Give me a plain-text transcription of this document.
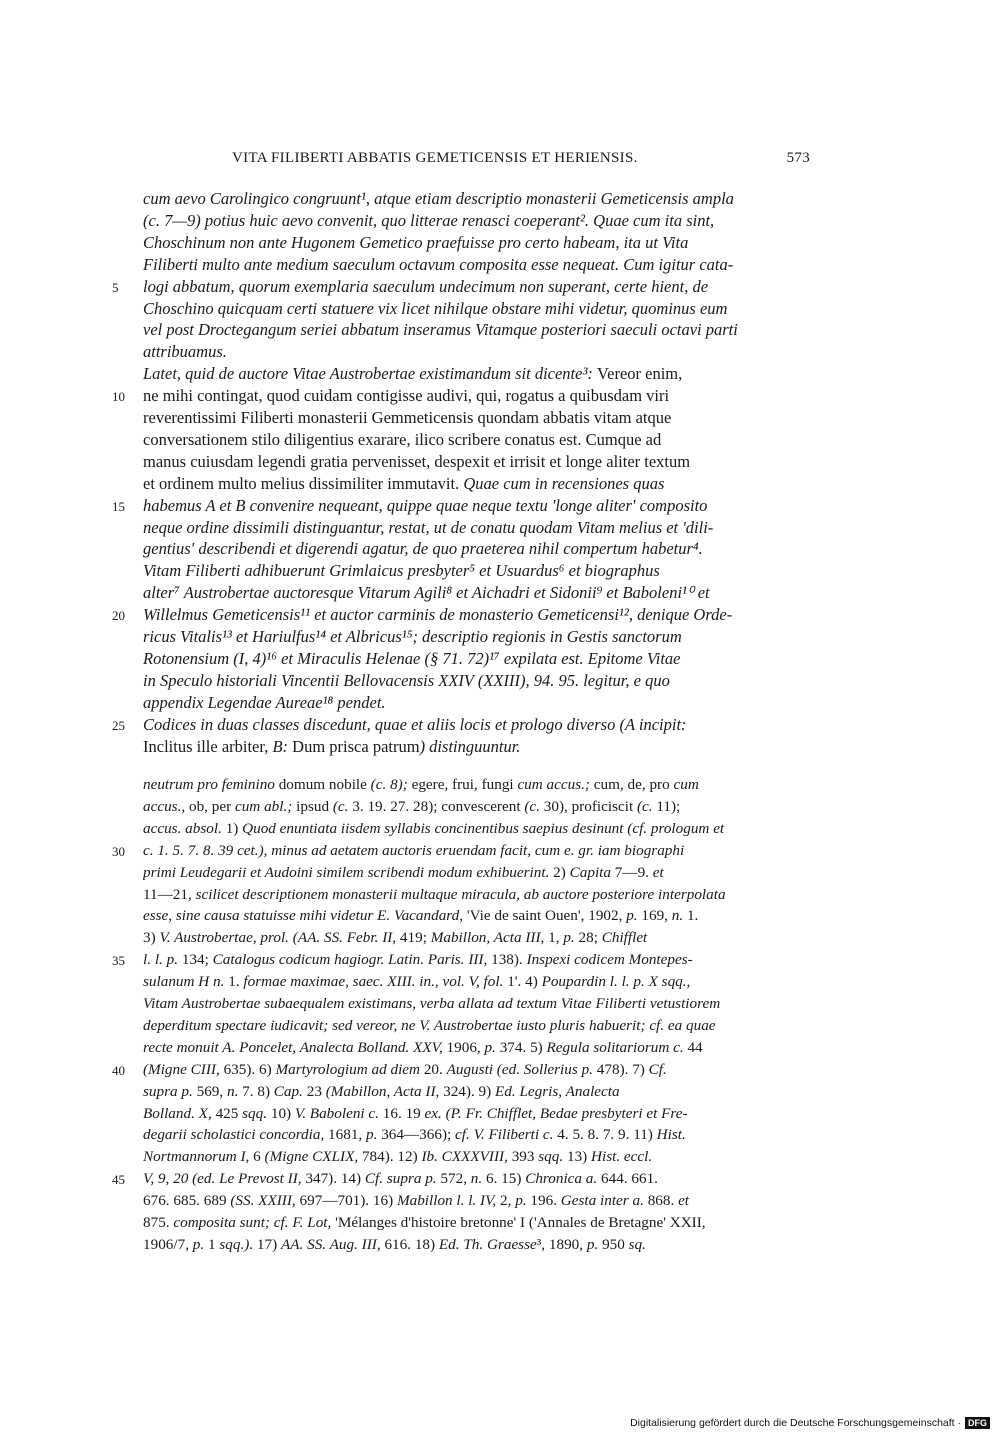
VITA FILIBERTI ABBATIS GEMETICENSIS ET HERIENSIS.	573
cum aevo Carolingico congruunt¹, atque etiam descriptio monasterii Gemeticensis ampla
(c. 7—9) potius huic aevo convenit, quo litterae renasci coeperant². Quae cum ita sint,
Choschinum non ante Hugonem Gemetico praefuisse pro certo habeam, ita ut Vita
Filiberti multo ante medium saeculum octavum composita esse nequeat. Cum igitur cata-
logi abbatum, quorum exemplaria saeculum undecimum non superant, certe hient, de
Choschino quicquam certi statuere vix licet nihilque obstare mihi videtur, quominus eum
vel post Droctegangum seriei abbatum inseramus Vitamque posteriori saeculi octavi parti
attribuamus.
Latet, quid de auctore Vitae Austrobertae existimandum sit dicente³: Vereor enim,
ne mihi contingat, quod cuidam contigisse audivi, qui, rogatus a quibusdam viri
reverentissimi Filiberti monasterii Gemmeticensis quondam abbatis vitam atque
conversationem stilo diligentius exarare, ilico scribere conatus est. Cumque ad
manus cuiusdam legendi gratia pervenisset, despexit et irrisit et longe aliter textum
et ordinem multo melius dissimiliter immutavit. Quae cum in recensiones quas
habemus A et B convenire nequeant, quippe quae neque textu 'longe aliter' composito
neque ordine dissimili distinguantur, restat, ut de conatu quodam Vitam melius et 'dili-
gentius' describendi et digerendi agatur, de quo praeterea nihil compertum habetur⁴.
Vitam Filiberti adhibuerunt Grimlaicus presbyter⁵ et Usuardus⁶ et biographus
alter⁷ Austrobertae auctoresque Vitarum Agili⁸ et Aichadri et Sidonii⁹ et Baboleni¹⁰ et
Willelmus Gemeticensis¹¹ et auctor carminis de monasterio Gemeticensi¹², denique Orde-
ricus Vitalis¹³ et Hariulfus¹⁴ et Albricus¹⁵; descriptio regionis in Gestis sanctorum
Rotonensium (I, 4)¹⁶ et Miraculis Helenae (§ 71. 72)¹⁷ expilata est. Epitome Vitae
in Speculo historiali Vincentii Bellovacensis XXIV (XXIII), 94. 95. legitur, e quo
appendix Legendae Aureae¹⁸ pendet.
Codices in duas classes discedunt, quae et aliis locis et prologo diverso (A incipit:
Inclitus ille arbiter, B: Dum prisca patrum) distinguuntur.
5
10
15
20
25
neutrum pro feminino domum nobile (c. 8); egere, frui, fungi cum accus.; cum, de, pro cum
accus., ob, per cum abl.; ipsud (c. 3. 19. 27. 28); convescerent (c. 30), proficiscit (c. 11);
accus. absol. 1) Quod enuntiata iisdem syllabis concinentibus saepius desinunt (cf. prologum et
c. 1. 5. 7. 8. 39 cet.), minus ad aetatem auctoris eruendam facit, cum e. gr. iam biographi
primi Leudegarii et Audoini similem scribendi modum exhibuerint. 2) Capita 7—9. et
11—21, scilicet descriptionem monasterii multaque miracula, ab auctore posteriore interpolata
esse, sine causa statuisse mihi videtur E. Vacandard, 'Vie de saint Ouen', 1902, p. 169, n. 1.
3) V. Austrobertae, prol. (AA. SS. Febr. II, 419; Mabillon, Acta III, 1, p. 28; Chifflet
l. l. p. 134; Catalogus codicum hagiogr. Latin. Paris. III, 138). Inspexi codicem Montepes-
sulanum H n. 1. formae maximae, saec. XIII. in., vol. V, fol. 1'. 4) Poupardin l. l. p. X sqq.,
Vitam Austrobertae subaequalem existimans, verba allata ad textum Vitae Filiberti vetustiorem
deperditum spectare iudicavit; sed vereor, ne V. Austrobertae iusto pluris habuerit; cf. ea quae
recte monuit A. Poncelet, Analecta Bolland. XXV, 1906, p. 374. 5) Regula solitariorum c. 44
(Migne CIII, 635). 6) Martyrologium ad diem 20. Augusti (ed. Sollerius p. 478). 7) Cf.
supra p. 569, n. 7. 8) Cap. 23 (Mabillon, Acta II, 324). 9) Ed. Legris, Analecta
Bolland. X, 425 sqq. 10) V. Baboleni c. 16. 19 ex. (P. Fr. Chifflet, Bedae presbyteri et Fre-
degarii scholastici concordia, 1681, p. 364—366); cf. V. Filiberti c. 4. 5. 8. 7. 9. 11) Hist.
Nortmannorum I, 6 (Migne CXLIX, 784). 12) Ib. CXXXVIII, 393 sqq. 13) Hist. eccl.
V, 9, 20 (ed. Le Prevost II, 347). 14) Cf. supra p. 572, n. 6. 15) Chronica a. 644. 661.
676. 685. 689 (SS. XXIII, 697—701). 16) Mabillon l. l. IV, 2, p. 196. Gesta inter a. 868. et
875. composita sunt; cf. F. Lot, 'Mélanges d'histoire bretonne' I ('Annales de Bretagne' XXII,
1906/7, p. 1 sqq.). 17) AA. SS. Aug. III, 616. 18) Ed. Th. Graesse³, 1890, p. 950 sq.
30
35
40
45
Digitalisierung gefördert durch die Deutsche Forschungsgemeinschaft · DFG
